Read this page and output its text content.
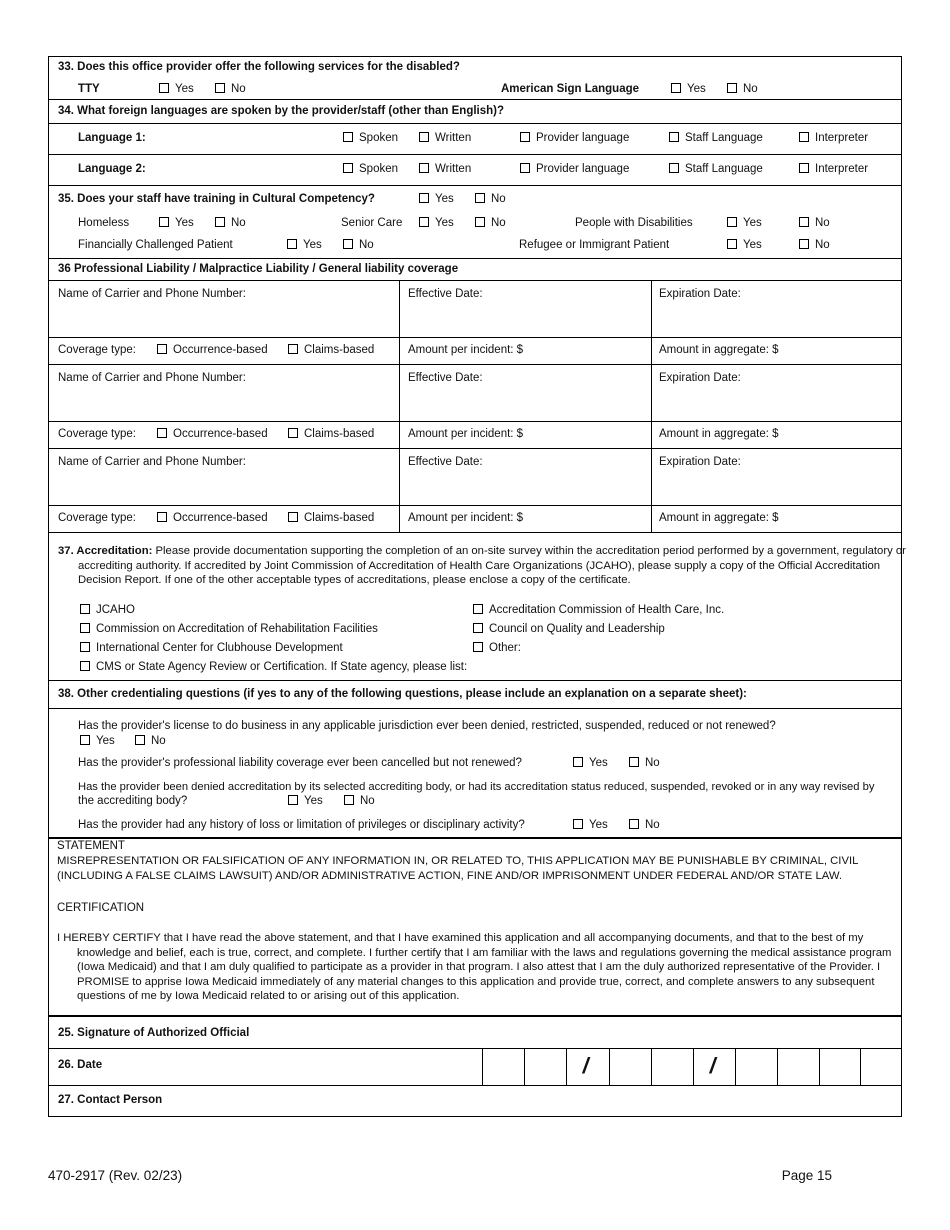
33. Does this office provider offer the following services for the disabled?
TTY	Yes	No	American Sign Language	Yes	No
34. What foreign languages are spoken by the provider/staff (other than English)?
Language 1:	Spoken	Written	Provider language	Staff Language	Interpreter
Language 2:	Spoken	Written	Provider language	Staff Language	Interpreter
35. Does your staff have training in Cultural Competency?	Yes	No
Homeless	Yes	No	Senior Care	Yes	No	People with Disabilities	Yes	No
Financially Challenged Patient	Yes	No	Refugee or Immigrant Patient	Yes	No
36 Professional Liability / Malpractice Liability / General liability coverage
Name of Carrier and Phone Number:	Effective Date:	Expiration Date:
Coverage type:	Occurrence-based	Claims-based	Amount per incident: $	Amount in aggregate: $
Name of Carrier and Phone Number:	Effective Date:	Expiration Date:
Coverage type:	Occurrence-based	Claims-based	Amount per incident: $	Amount in aggregate: $
Name of Carrier and Phone Number:	Effective Date:	Expiration Date:
Coverage type:	Occurrence-based	Claims-based	Amount per incident: $	Amount in aggregate: $

37. Accreditation: Please provide documentation supporting the completion of an on-site survey within the accreditation period performed by a government, regulatory or accrediting authority. If accredited by Joint Commission of Accreditation of Health Care Organizations (JCAHO), please supply a copy of the Official Accreditation Decision Report. If one of the other acceptable types of accreditations, please enclose a copy of the certificate.

JCAHO
Commission on Accreditation of Rehabilitation Facilities
International Center for Clubhouse Development
CMS or State Agency Review or Certification. If State agency, please list:
Accreditation Commission of Health Care, Inc.
Council on Quality and Leadership
Other:
38. Other credentialing questions (if yes to any of the following questions, please include an explanation on a separate sheet):
Has the provider's license to do business in any applicable jurisdiction ever been denied, restricted, suspended, reduced or not renewed?
Yes	No
Has the provider's professional liability coverage ever been cancelled but not renewed?	Yes	No
Has the provider been denied accreditation by its selected accrediting body, or had its accreditation status reduced, suspended, revoked or in any way revised by
the accrediting body?	Yes	No
Has the provider had any history of loss or limitation of privileges or disciplinary activity?	Yes	No
STATEMENT

MISREPRESENTATION OR FALSIFICATION OF ANY INFORMATION IN, OR RELATED TO, THIS APPLICATION MAY BE PUNISHABLE BY CRIMINAL, CIVIL (INCLUDING A FALSE CLAIMS LAWSUIT) AND/OR ADMINISTRATIVE ACTION, FINE AND/OR IMPRISONMENT UNDER FEDERAL AND/OR STATE LAW.

CERTIFICATION

I HEREBY CERTIFY that I have read the above statement, and that I have examined this application and all accompanying documents, and that to the best of my knowledge and belief, each is true, correct, and complete. I further certify that I am familiar with the laws and regulations governing the medical assistance program (Iowa Medicaid) and that I am duly qualified to participate as a provider in that program. I also attest that I am the duly authorized representative of the Provider. I PROMISE to apprise Iowa Medicaid immediately of any material changes to this application and provide true, correct, and complete answers to any subsequent questions of me by Iowa Medicaid related to or arising out of this application.

25. Signature of Authorized Official
26. Date	/	/
27. Contact Person
470-2917 (Rev. 02/23)	Page 15
